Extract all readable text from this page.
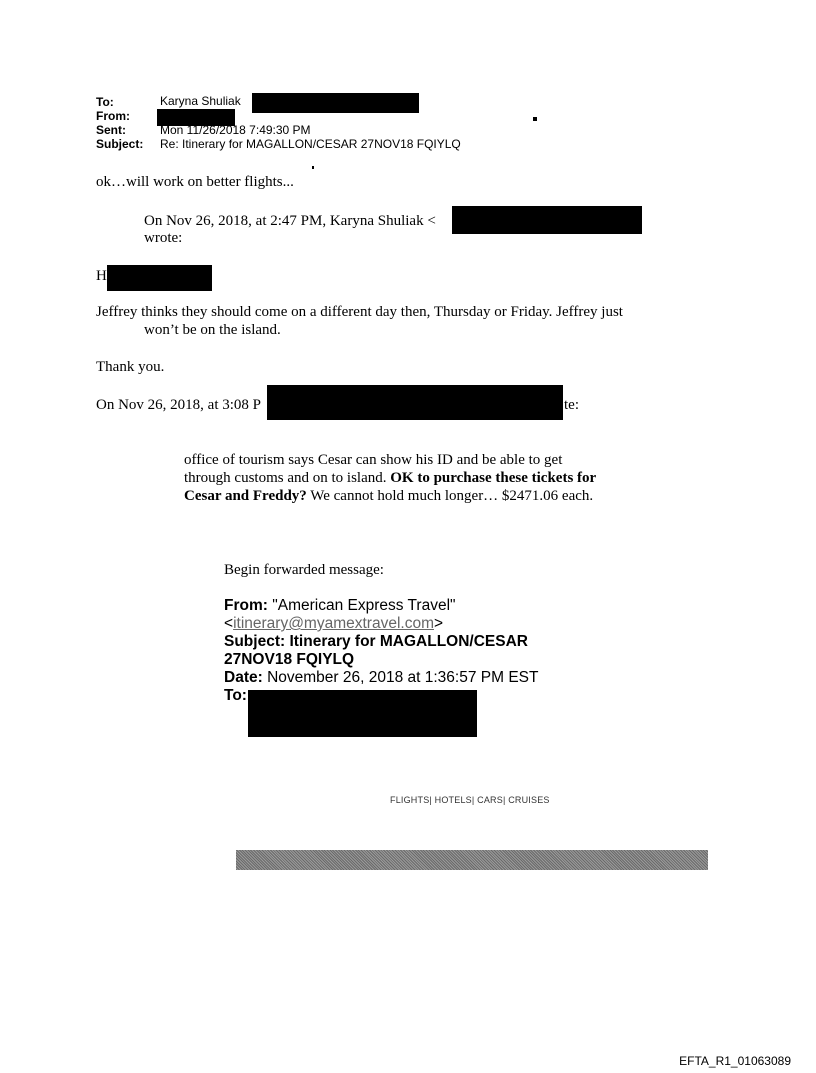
To:	Karyna Shuliak
From:
Sent:	Mon 11/26/2018 7:49:30 PM
Subject: Re: Itinerary for MAGALLON/CESAR 27NOV18 FQIYLQ
ok…will work on better flights...
On Nov 26, 2018, at 2:47 PM, Karyna Shuliak <
wrote:
H
Jeffrey thinks they should come on a different day then, Thursday or Friday. Jeffrey just
won’t be on the island.
Thank you.
On Nov 26, 2018, at 3:08 P	te:
office of tourism says Cesar can show his ID and be able to get
through customs and on to island. OK to purchase these tickets for
Cesar and Freddy? We cannot hold much longer… $2471.06 each.
Begin forwarded message:
From: "American Express Travel"
<itinerary@myamextravel.com>
Subject: Itinerary for MAGALLON/CESAR
27NOV18 FQIYLQ
Date: November 26, 2018 at 1:36:57 PM EST
To:
FLIGHTS| HOTELS| CARS| CRUISES
EFTA_R1_01063089
